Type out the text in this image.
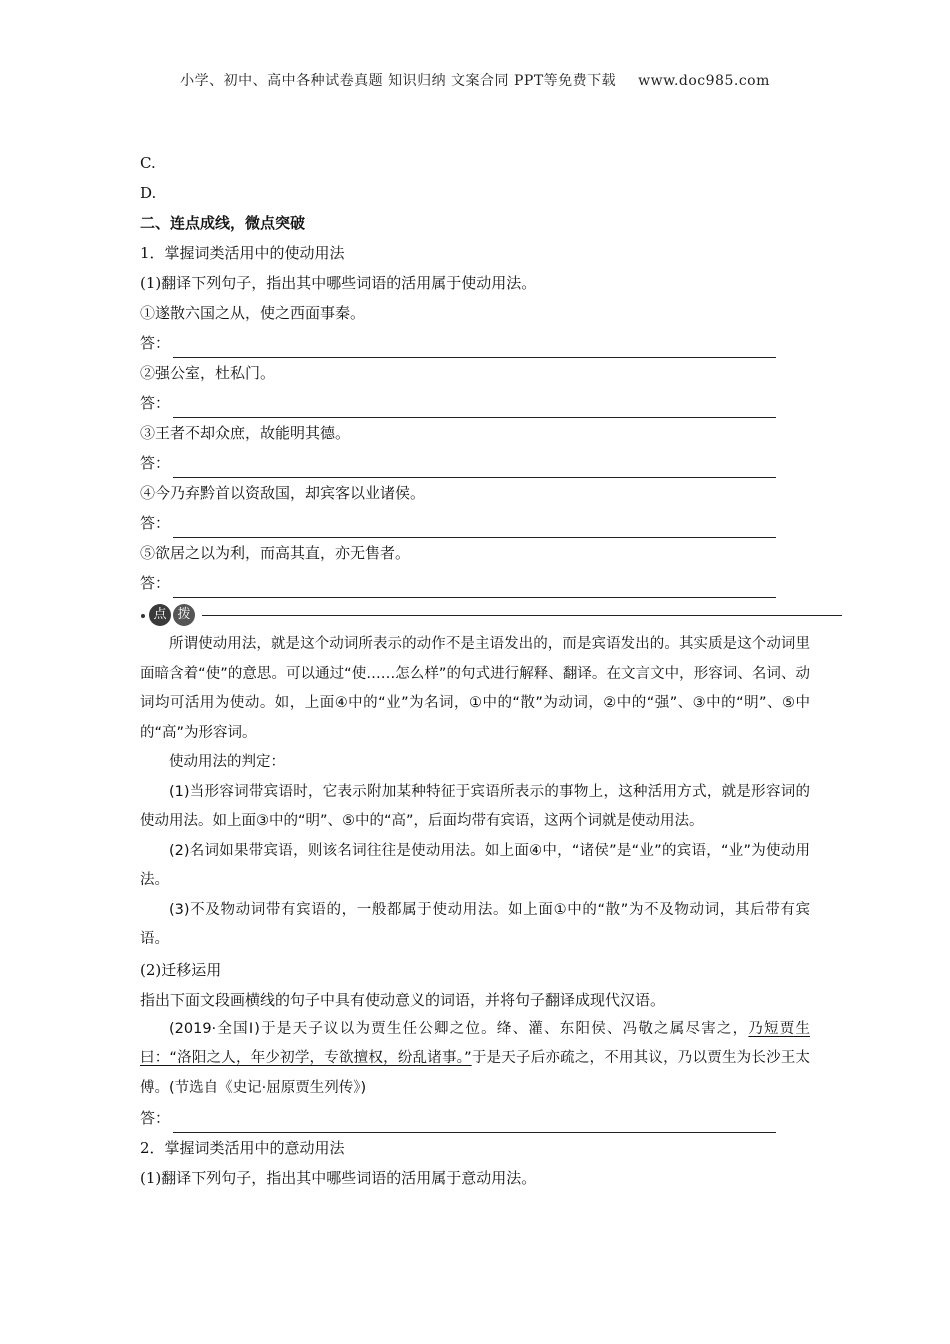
小学、初中、高中各种试卷真题 知识归纳 文案合同 PPT等免费下载 www.doc985.com
C.
D.
二、连点成线，微点突破
1．掌握词类活用中的使动用法
(1)翻译下列句子，指出其中哪些词语的活用属于使动用法。
①遂散六国之从，使之西面事秦。
答：
②强公室，杜私门。
答：
③王者不却众庶，故能明其德。
答：
④今乃弃黔首以资敌国，却宾客以业诸侯。
答：
⑤欲居之以为利，而高其直，亦无售者。
答：
点 拨

所谓使动用法，就是这个动词所表示的动作不是主语发出的，而是宾语发出的。其实质是这个动词里面暗含着“使”的意思。可以通过“使……怎么样”的句式进行解释、翻译。在文言文中，形容词、名词、动词均可活用为使动。如，上面④中的“业”为名词，①中的“散”为动词，②中的“强”、③中的“明”、⑤中的“高”为形容词。

使动用法的判定：

(1)当形容词带宾语时，它表示附加某种特征于宾语所表示的事物上，这种活用方式，就是形容词的使动用法。如上面③中的“明”、⑤中的“高”，后面均带有宾语，这两个词就是使动用法。

(2)名词如果带宾语，则该名词往往是使动用法。如上面④中，“诸侯”是“业”的宾语，“业”为使动用法。

(3)不及物动词带有宾语的，一般都属于使动用法。如上面①中的“散”为不及物动词，其后带有宾语。

(2)迁移运用
指出下面文段画横线的句子中具有使动意义的词语，并将句子翻译成现代汉语。

(2019·全国Ⅰ)于是天子议以为贾生任公卿之位。绛、灌、东阳侯、冯敬之属尽害之，乃短贾生曰：“洛阳之人，年少初学，专欲擅权，纷乱诸事。”于是天子后亦疏之，不用其议，乃以贾生为长沙王太傅。(节选自《史记·屈原贾生列传》)

答：
2．掌握词类活用中的意动用法
(1)翻译下列句子，指出其中哪些词语的活用属于意动用法。
